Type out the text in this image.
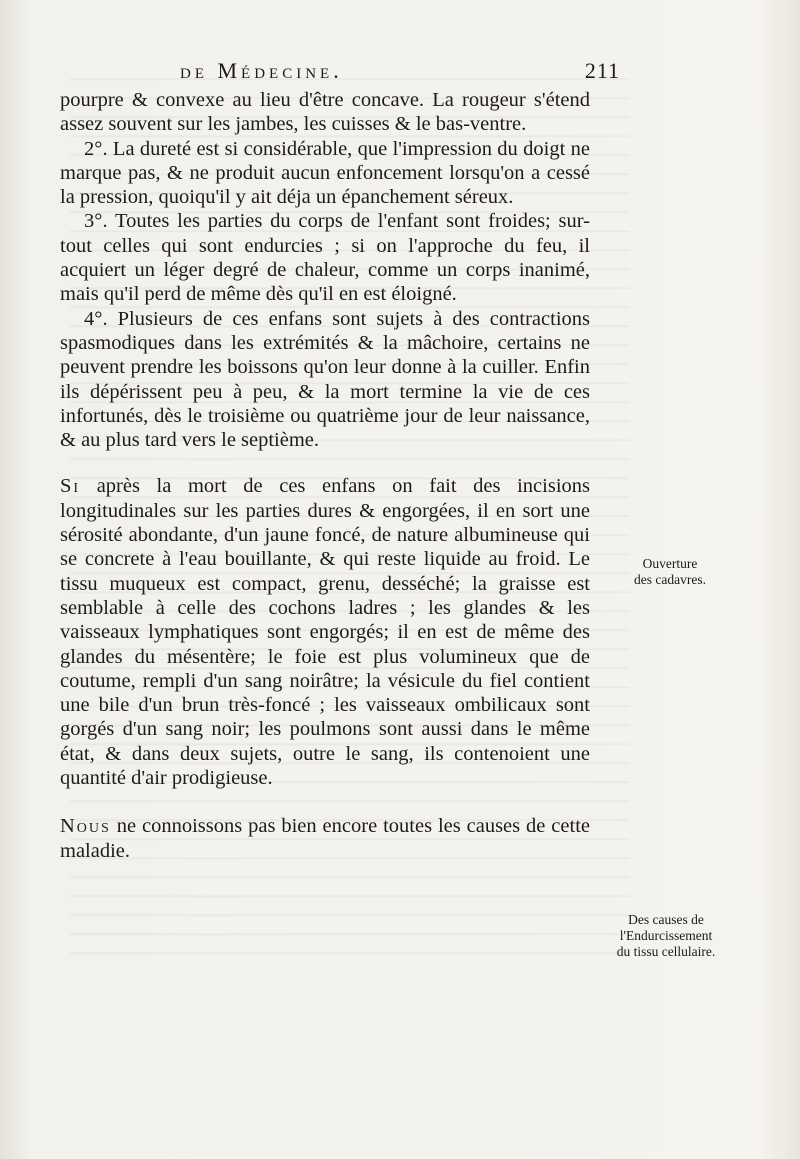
de Médecine.	211

pourpre & convexe au lieu d'être concave. La rougeur s'étend assez souvent sur les jambes, les cuisses & le bas-ventre.

2°. La dureté est si considérable, que l'impression du doigt ne marque pas, & ne produit aucun enfoncement lorsqu'on a cessé la pression, quoiqu'il y ait déja un épanchement séreux.

3°. Toutes les parties du corps de l'enfant sont froides; sur-tout celles qui sont endurcies ; si on l'approche du feu, il acquiert un léger degré de chaleur, comme un corps inanimé, mais qu'il perd de même dès qu'il en est éloigné.

4°. Plusieurs de ces enfans sont sujets à des contractions spasmodiques dans les extrémités & la mâchoire, certains ne peuvent prendre les boissons qu'on leur donne à la cuiller. Enfin ils dépérissent peu à peu, & la mort termine la vie de ces infortunés, dès le troisième ou quatrième jour de leur naissance, & au plus tard vers le septième.

Si après la mort de ces enfans on fait des incisions longitudinales sur les parties dures & engorgées, il en sort une sérosité abondante, d'un jaune foncé, de nature albumineuse qui se concrete à l'eau bouillante, & qui reste liquide au froid. Le tissu muqueux est compact, grenu, desséché; la graisse est semblable à celle des cochons ladres ; les glandes & les vaisseaux lymphatiques sont engorgés; il en est de même des glandes du mésentère; le foie est plus volumineux que de coutume, rempli d'un sang noirâtre; la vésicule du fiel contient une bile d'un brun très-foncé ; les vaisseaux ombilicaux sont gorgés d'un sang noir; les poulmons sont aussi dans le même état, & dans deux sujets, outre le sang, ils contenoient une quantité d'air prodigieuse.

Nous ne connoissons pas bien encore toutes les causes de cette maladie.

Ouverture
des cadavres.
Des causes de
l'Endurcissement
du tissu cellulaire.
